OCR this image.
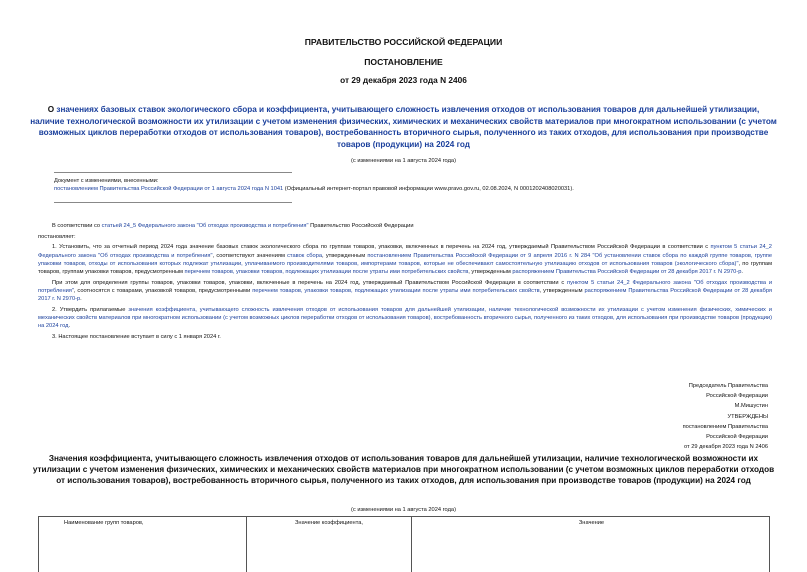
ПРАВИТЕЛЬСТВО РОССИЙСКОЙ ФЕДЕРАЦИИ
ПОСТАНОВЛЕНИЕ
от 29 декабря 2023 года N 2406
О значениях базовых ставок экологического сбора и коэффициента, учитывающего сложность извлечения отходов от использования товаров для дальнейшей утилизации, наличие технологической возможности их утилизации с учетом изменения физических, химических и механических свойств материалов при многократном использовании (с учетом возможных циклов переработки отходов от использования товаров), востребованность вторичного сырья, полученного из таких отходов, для использования при производстве товаров (продукции) на 2024 год
(с изменениями на 1 августа 2024 года)
Документ с изменениями, внесенными:
постановлением Правительства Российской Федерации от 1 августа 2024 года N 1041 (Официальный интернет-портал правовой информации www.pravo.gov.ru, 02.08.2024, N 0001202408020031).

В соответствии со статьей 24_5 Федерального закона "Об отходах производства и потребления" Правительство Российской Федерации

постановляет:

1. Установить, что за отчетный период 2024 года значение базовых ставок экологического сбора по группам товаров, упаковки, включенных в перечень на 2024 год, утверждаемый Правительством Российской Федерации в соответствии с пунктом 5 статьи 24_2 Федерального закона "Об отходах производства и потребления", соответствуют значениям ставок сбора, утвержденным постановлением Правительства Российской Федерации от 9 апреля 2016 г. N 284 "Об установлении ставок сбора по каждой группе товаров, группе упаковки товаров, отходы от использования которых подлежат утилизации, уплачиваемого производителями товаров, импортерами товаров, которые не обеспечивают самостоятельную утилизацию отходов от использования товаров (экологического сбора)", по группам товаров, группам упаковки товаров, предусмотренным перечнем товаров, упаковки товаров, подлежащих утилизации после утраты ими потребительских свойств, утвержденным распоряжением Правительства Российской Федерации от 28 декабря 2017 г. N 2970-р.

При этом для определения группы товаров, упаковки товаров, упаковки, включенные в перечень на 2024 год, утверждаемый Правительством Российской Федерации в соответствии с пунктом 5 статьи 24_2 Федерального закона "Об отходах производства и потребления", соотносятся с товарами, упаковкой товаров, предусмотренными перечнем товаров, упаковки товаров, подлежащих утилизации после утраты ими потребительских свойств, утвержденным распоряжением Правительства Российской Федерации от 28 декабря 2017 г. N 2970-р.

2. Утвердить прилагаемые значения коэффициента, учитывающего сложность извлечения отходов от использования товаров для дальнейшей утилизации, наличие технологической возможности их утилизации с учетом изменения физических, химических и механических свойств материалов при многократном использовании (с учетом возможных циклов переработки отходов от использования товаров), востребованность вторичного сырья, полученного из таких отходов, для использования при производстве товаров (продукции) на 2024 год.

3. Настоящее постановление вступает в силу с 1 января 2024 г.

Председатель Правительства
Российской Федерации
М.Мишустин
УТВЕРЖДЕНЫ
постановлением Правительства
Российской Федерации
от 29 декабря 2023 года N 2406
Значения коэффициента, учитывающего сложность извлечения отходов от использования товаров для дальнейшей утилизации, наличие технологической возможности их утилизации с учетом изменения физических, химических и механических свойств материалов при многократном использовании (с учетом возможных циклов переработки отходов от использования товаров), востребованность вторичного сырья, полученного из таких отходов, для использования при производстве товаров (продукции) на 2024 год
(с изменениями на 1 августа 2024 года)
Наименование групп товаров,	Значение коэффициента,	Значение
